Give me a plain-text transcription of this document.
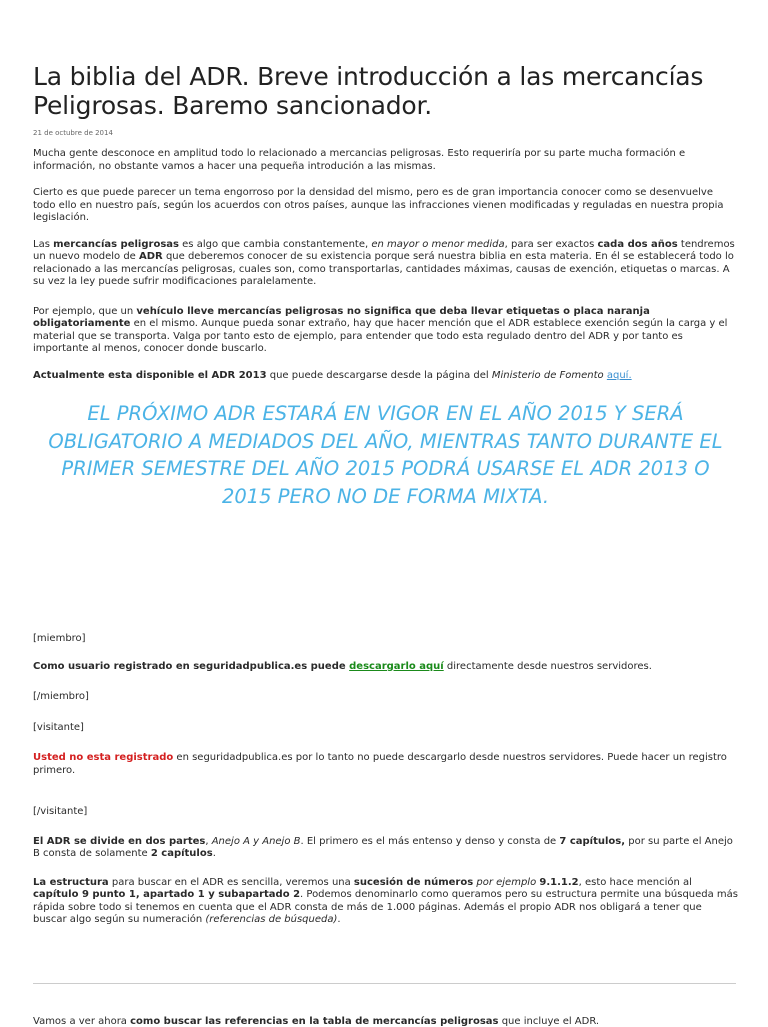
La biblia del ADR. Breve introducción a las mercancías Peligrosas. Baremo sancionador.
21 de octubre de 2014

Mucha gente desconoce en amplitud todo lo relacionado a mercancias peligrosas. Esto requeriría por su parte mucha formación e información, no obstante vamos a hacer una pequeña introdución a las mismas.

Cierto es que puede parecer un tema engorroso por la densidad del mismo, pero es de gran importancia conocer como se desenvuelve todo ello en nuestro país, según los acuerdos con otros países, aunque las infracciones vienen modificadas y reguladas en nuestra propia legislación.

Las mercancías peligrosas es algo que cambia constantemente, en mayor o menor medida, para ser exactos cada dos años tendremos un nuevo modelo de ADR que deberemos conocer de su existencia porque será nuestra biblia en esta materia. En él se establecerá todo lo relacionado a las mercancías peligrosas, cuales son, como transportarlas, cantidades máximas, causas de exención, etiquetas o marcas. A su vez la ley puede sufrir modificaciones paralelamente.

Por ejemplo, que un vehículo lleve mercancías peligrosas no significa que deba llevar etiquetas o placa naranja obligatoriamente en el mismo. Aunque pueda sonar extraño, hay que hacer mención que el ADR establece exención según la carga y el material que se transporta. Valga por tanto esto de ejemplo, para entender que todo esta regulado dentro del ADR y por tanto es importante al menos, conocer donde buscarlo.

Actualmente esta disponible el ADR 2013 que puede descargarse desde la página del Ministerio de Fomento aquí.

EL PRÓXIMO ADR ESTARÁ EN VIGOR EN EL AÑO 2015 Y SERÁ OBLIGATORIO A MEDIADOS DEL AÑO, MIENTRAS TANTO DURANTE EL PRIMER SEMESTRE DEL AÑO 2015 PODRÁ USARSE EL ADR 2013 O 2015 PERO NO DE FORMA MIXTA.

[miembro]

Como usuario registrado en seguridadpublica.es puede descargarlo aquí directamente desde nuestros servidores.

[/miembro]

[visitante]

Usted no esta registrado en seguridadpublica.es por lo tanto no puede descargarlo desde nuestros servidores. Puede hacer un registro primero.

[/visitante]

El ADR se divide en dos partes, Anejo A y Anejo B. El primero es el más entenso y denso y consta de 7 capítulos, por su parte el Anejo B consta de solamente 2 capítulos.

La estructura para buscar en el ADR es sencilla, veremos una sucesión de números por ejemplo 9.1.1.2, esto hace mención al capítulo 9 punto 1, apartado 1 y subapartado 2. Podemos denominarlo como queramos pero su estructura permite una búsqueda más rápida sobre todo si tenemos en cuenta que el ADR consta de más de 1.000 páginas. Además el propio ADR nos obligará a tener que buscar algo según su numeración (referencias de búsqueda).

Vamos a ver ahora como buscar las referencias en la tabla de mercancías peligrosas que incluye el ADR.
